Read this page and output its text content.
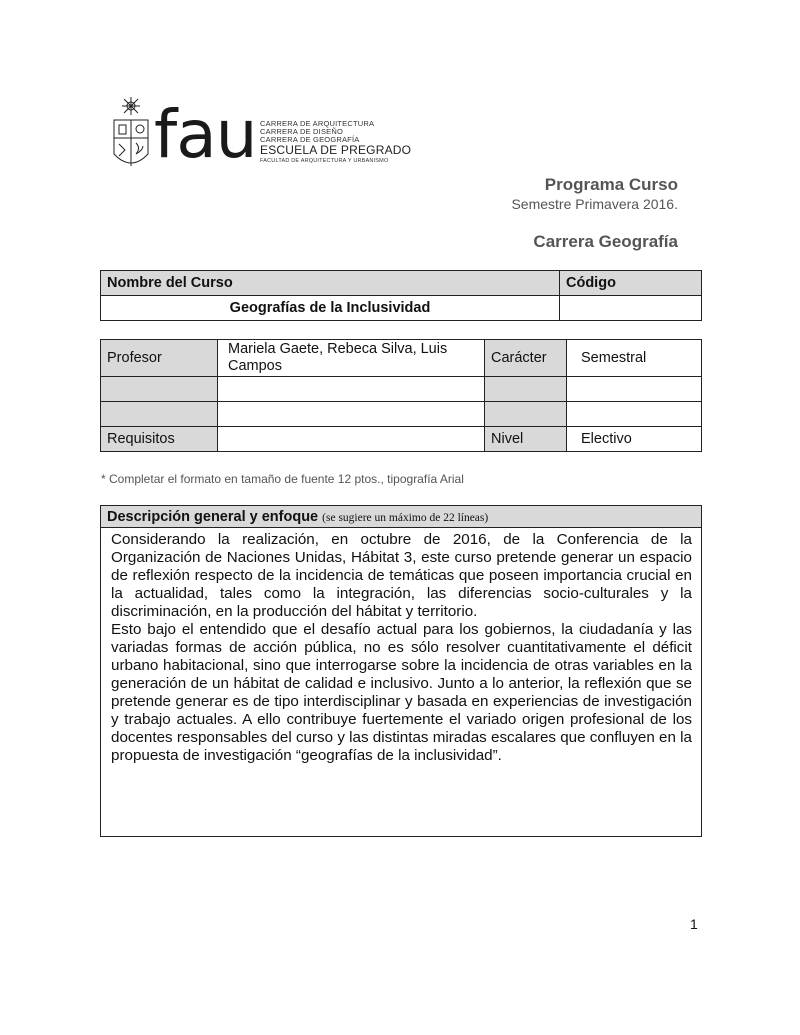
fau CARRERA DE ARQUITECTURA
CARRERA DE DISEÑO
CARRERA DE GEOGRAFÍA
ESCUELA DE PREGRADO
FACULTAD DE ARQUITECTURA Y URBANISMO
Programa Curso
Semestre Primavera 2016.
Carrera Geografía
Nombre del Curso	Código
Geografías de la Inclusividad	
Profesor	Mariela Gaete, Rebeca Silva, Luis Campos	Carácter	Semestral

Requisitos		Nivel	Electivo
* Completar el formato en tamaño de fuente 12 ptos., tipografía Arial
Descripción general y enfoque (se sugiere un máximo de 22 líneas)

Considerando la realización, en octubre de 2016, de la Conferencia de la Organización de Naciones Unidas, Hábitat 3, este curso pretende generar un espacio de reflexión respecto de la incidencia de temáticas que poseen importancia crucial en la actualidad, tales como la integración, las diferencias socio-culturales y la discriminación, en la producción del hábitat y territorio.

Esto bajo el entendido que el desafío actual para los gobiernos, la ciudadanía y las variadas formas de acción pública, no es sólo resolver cuantitativamente el déficit urbano habitacional, sino que interrogarse sobre la incidencia de otras variables en la generación de un hábitat de calidad e inclusivo. Junto a lo anterior, la reflexión que se pretende generar es de tipo interdisciplinar y basada en experiencias de investigación y trabajo actuales. A ello contribuye fuertemente el variado origen profesional de los docentes responsables del curso y las distintas miradas escalares que confluyen en la propuesta de investigación “geografías de la inclusividad”.

1
